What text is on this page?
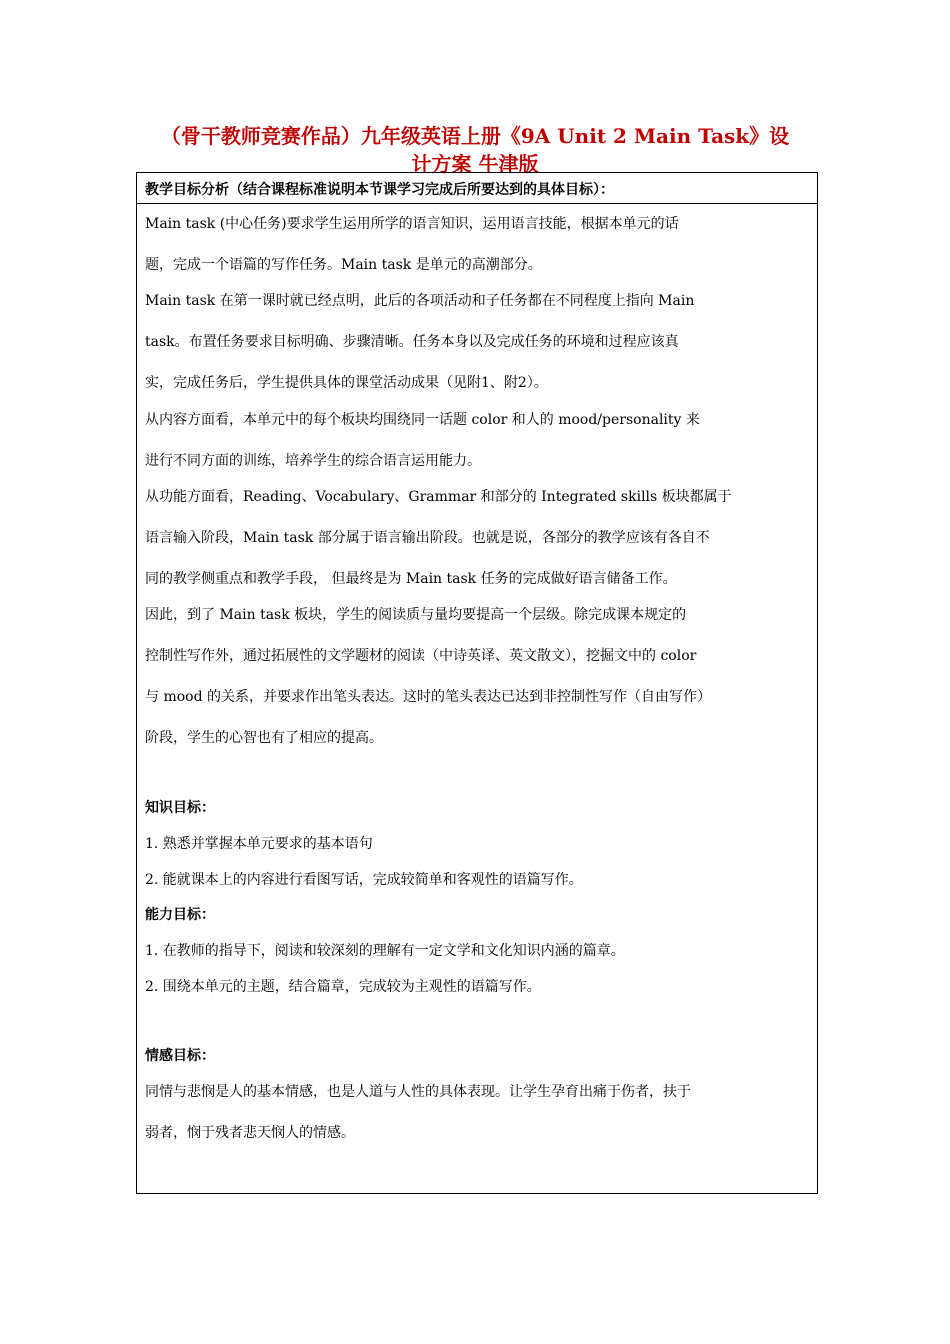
（骨干教师竞赛作品）九年级英语上册《9A Unit 2 Main Task》设
计方案 牛津版
教学目标分析（结合课程标准说明本节课学习完成后所要达到的具体目标）：
Main task (中心任务)要求学生运用所学的语言知识，运用语言技能，根据本单元的话
题，完成一个语篇的写作任务。Main task 是单元的高潮部分。
Main task 在第一课时就已经点明，此后的各项活动和子任务都在不同程度上指向 Main
task。布置任务要求目标明确、步骤清晰。任务本身以及完成任务的环境和过程应该真
实，完成任务后，学生提供具体的课堂活动成果（见附1、附2）。
从内容方面看，本单元中的每个板块均围绕同一话题 color 和人的 mood/personality 来
进行不同方面的训练，培养学生的综合语言运用能力。
从功能方面看，Reading、Vocabulary、Grammar 和部分的 Integrated skills 板块都属于
语言输入阶段，Main task 部分属于语言输出阶段。也就是说，各部分的教学应该有各自不
同的教学侧重点和教学手段， 但最终是为 Main task 任务的完成做好语言储备工作。
因此，到了 Main task 板块，学生的阅读质与量均要提高一个层级。除完成课本规定的
控制性写作外，通过拓展性的文学题材的阅读（中诗英译、英文散文），挖掘文中的 color
与 mood 的关系，并要求作出笔头表达。这时的笔头表达已达到非控制性写作（自由写作）
阶段，学生的心智也有了相应的提高。
知识目标：
1. 熟悉并掌握本单元要求的基本语句
2. 能就课本上的内容进行看图写话，完成较简单和客观性的语篇写作。
能力目标：
1. 在教师的指导下，阅读和较深刻的理解有一定文学和文化知识内涵的篇章。
2. 围绕本单元的主题，结合篇章，完成较为主观性的语篇写作。
情感目标：
同情与悲悯是人的基本情感，也是人道与人性的具体表现。让学生孕育出痛于伤者，扶于
弱者，悯于残者悲天悯人的情感。
